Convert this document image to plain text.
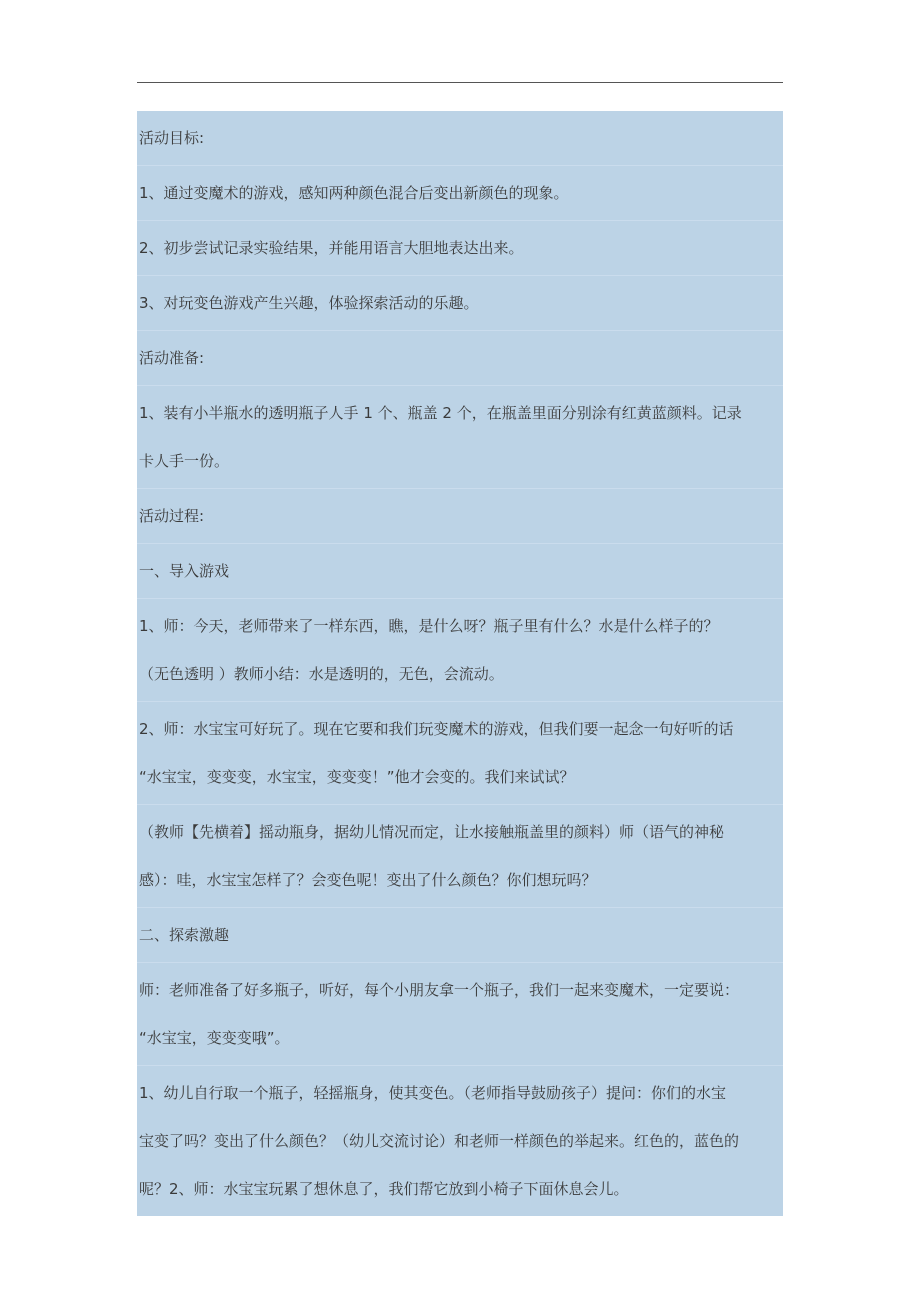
活动目标:
1、通过变魔术的游戏，感知两种颜色混合后变出新颜色的现象。
2、初步尝试记录实验结果，并能用语言大胆地表达出来。
3、对玩变色游戏产生兴趣，体验探索活动的乐趣。
活动准备:
1、装有小半瓶水的透明瓶子人手 1 个、瓶盖 2 个，在瓶盖里面分别涂有红黄蓝颜料。记录
卡人手一份。
活动过程:
一、导入游戏
1、师：今天，老师带来了一样东西，瞧，是什么呀？瓶子里有什么？水是什么样子的？
（无色透明 ）教师小结：水是透明的，无色，会流动。
2、师：水宝宝可好玩了。现在它要和我们玩变魔术的游戏，但我们要一起念一句好听的话
“水宝宝，变变变，水宝宝，变变变！”他才会变的。我们来试试？
（教师【先横着】摇动瓶身，据幼儿情况而定，让水接触瓶盖里的颜料）师（语气的神秘
感）：哇，水宝宝怎样了？会变色呢！变出了什么颜色？你们想玩吗？
二、探索激趣
师：老师准备了好多瓶子，听好，每个小朋友拿一个瓶子，我们一起来变魔术，一定要说：
“水宝宝，变变变哦”。
1、幼儿自行取一个瓶子，轻摇瓶身，使其变色。（老师指导鼓励孩子）提问：你们的水宝
宝变了吗？变出了什么颜色？（幼儿交流讨论）和老师一样颜色的举起来。红色的，蓝色的
呢？2、师：水宝宝玩累了想休息了，我们帮它放到小椅子下面休息会儿。
